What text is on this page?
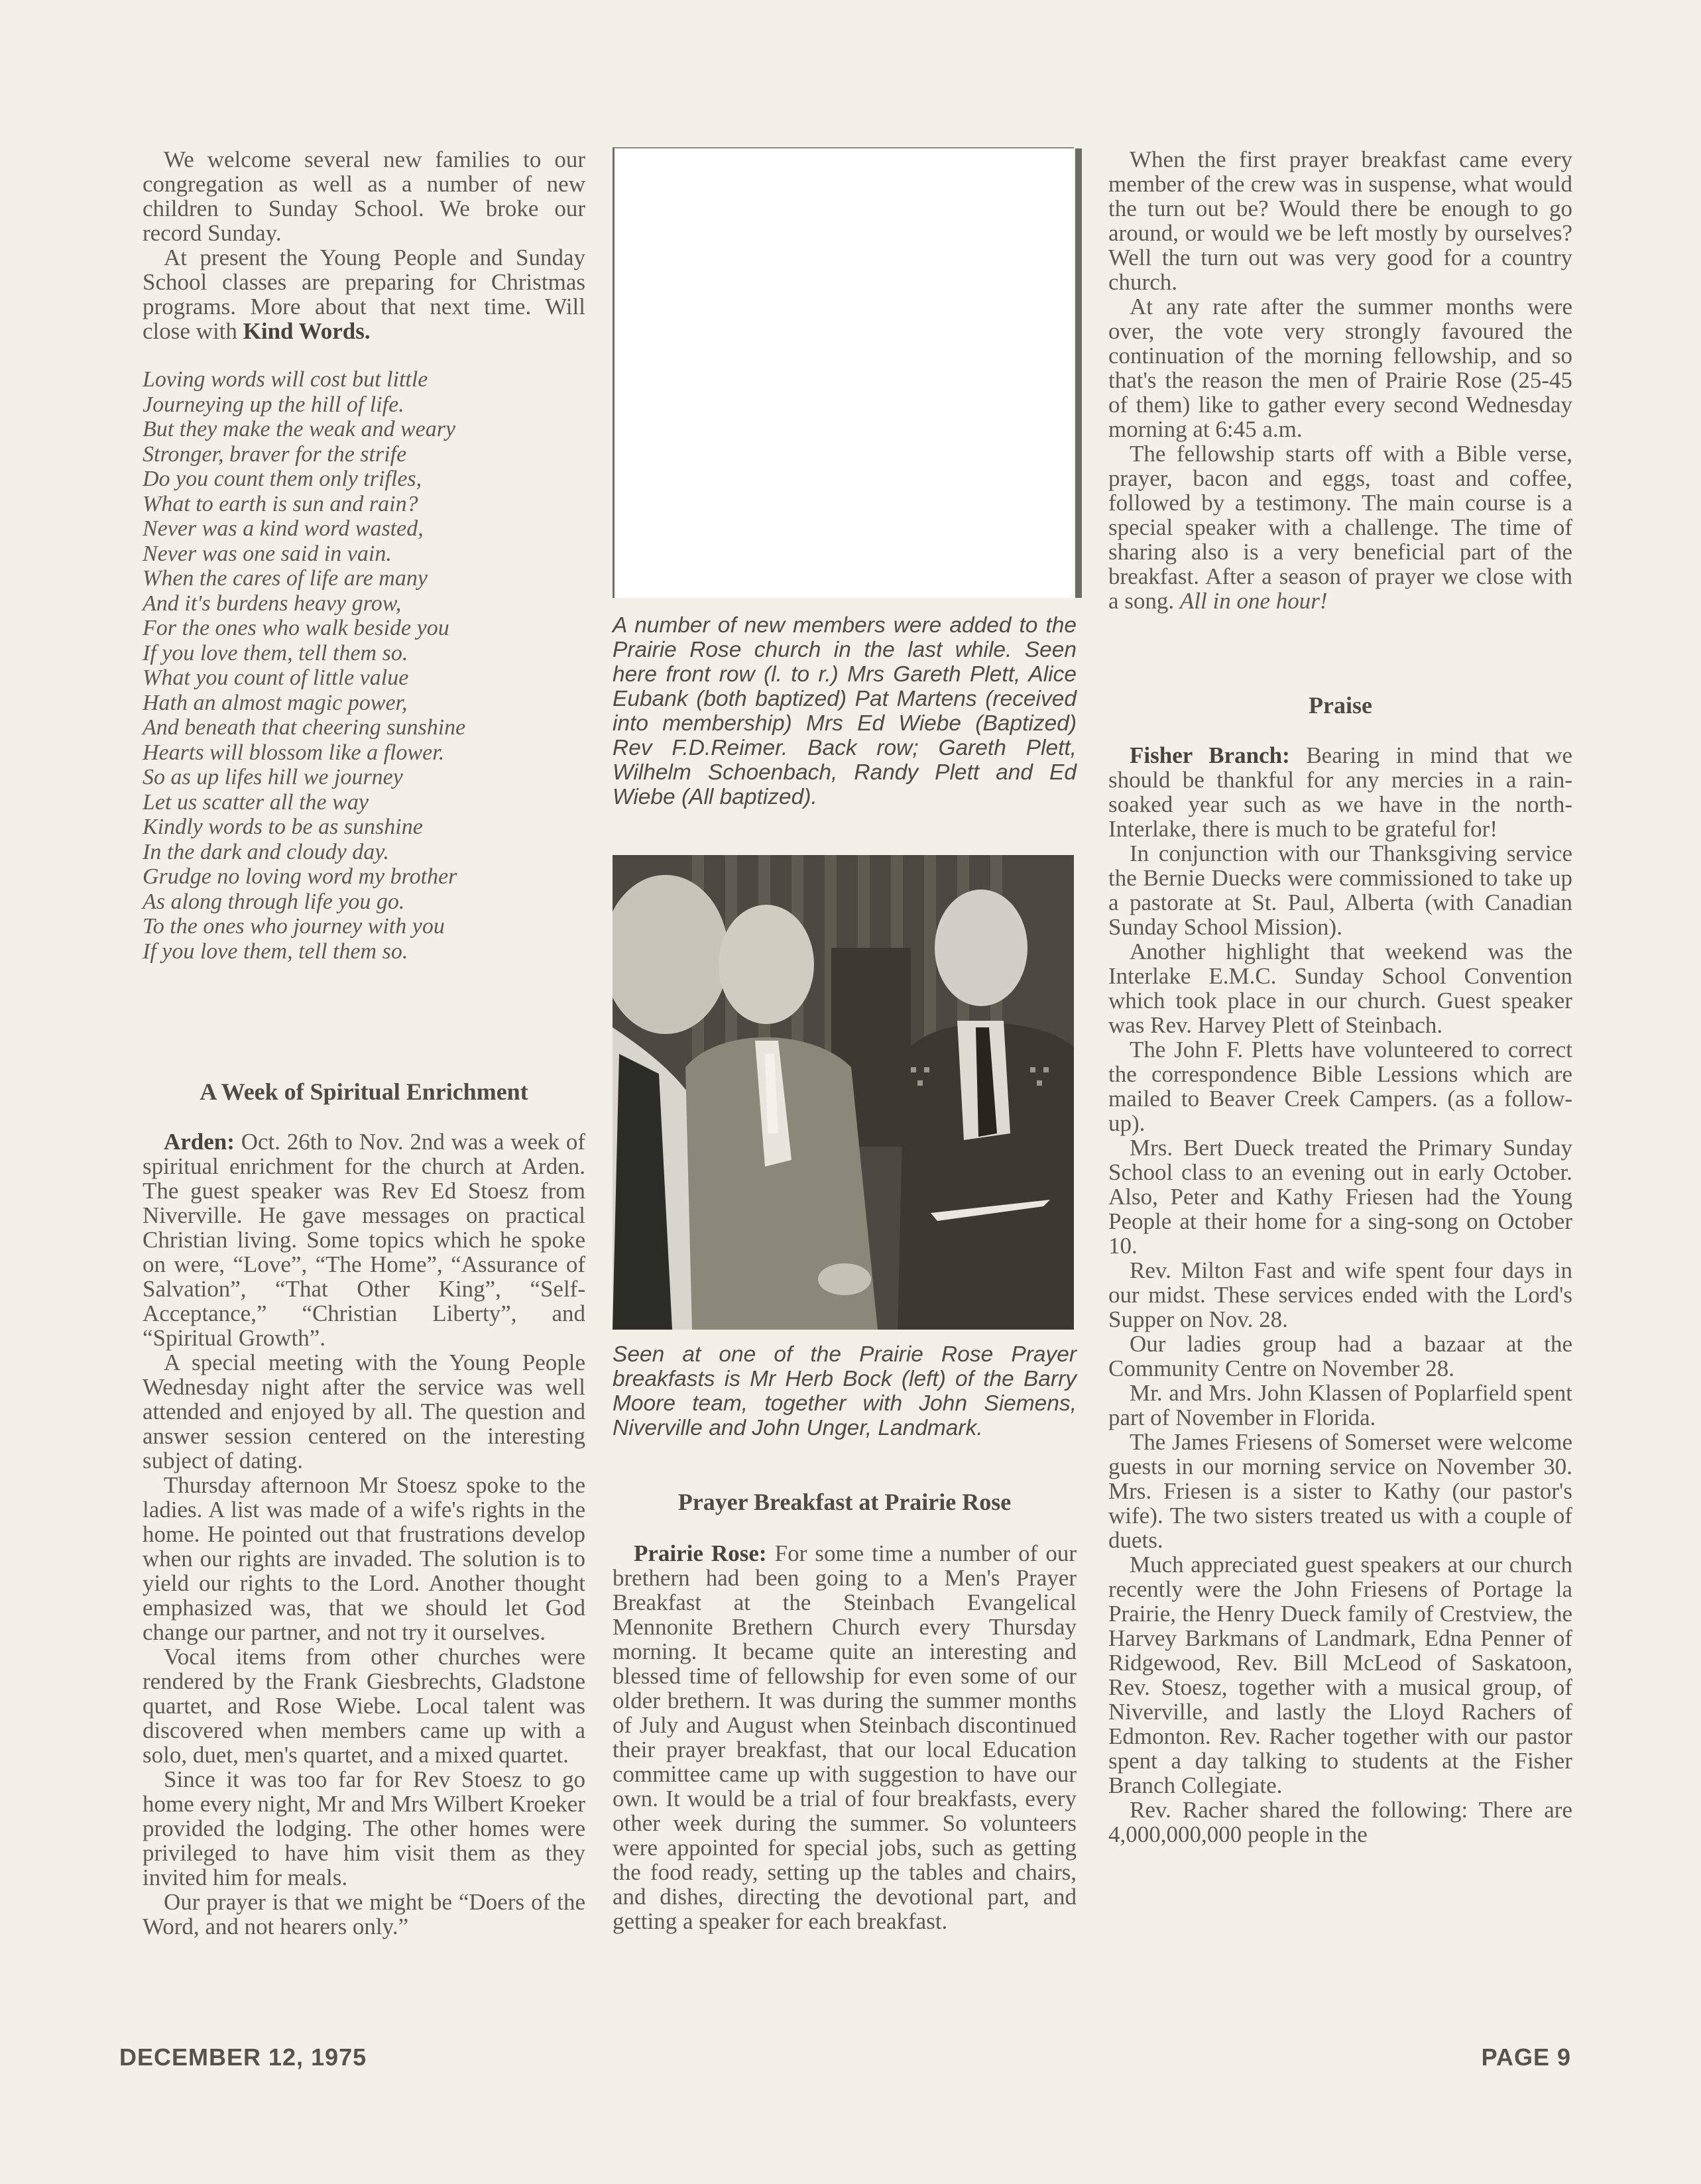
We welcome several new families to our congregation as well as a number of new children to Sunday School. We broke our record Sunday.

At present the Young People and Sunday School classes are preparing for Christmas programs. More about that next time. Will close with Kind Words.

Loving words will cost but little
Journeying up the hill of life.
But they make the weak and weary
Stronger, braver for the strife
Do you count them only trifles,
What to earth is sun and rain?
Never was a kind word wasted,
Never was one said in vain.
When the cares of life are many
And it's burdens heavy grow,
For the ones who walk beside you
If you love them, tell them so.
What you count of little value
Hath an almost magic power,
And beneath that cheering sunshine
Hearts will blossom like a flower.
So as up lifes hill we journey
Let us scatter all the way
Kindly words to be as sunshine
In the dark and cloudy day.
Grudge no loving word my brother
As along through life you go.
To the ones who journey with you
If you love them, tell them so.
A Week of Spiritual Enrichment

Arden: Oct. 26th to Nov. 2nd was a week of spiritual enrichment for the church at Arden. The guest speaker was Rev Ed Stoesz from Niverville. He gave messages on practical Christian living. Some topics which he spoke on were, “Love”, “The Home”, “Assurance of Salvation”, “That Other King”, “Self-Acceptance,” “Christian Liberty”, and “Spiritual Growth”.

A special meeting with the Young People Wednesday night after the service was well attended and enjoyed by all. The question and answer session centered on the interesting subject of dating.

Thursday afternoon Mr Stoesz spoke to the ladies. A list was made of a wife's rights in the home. He pointed out that frustrations develop when our rights are invaded. The solution is to yield our rights to the Lord. Another thought emphasized was, that we should let God change our partner, and not try it ourselves.

Vocal items from other churches were rendered by the Frank Giesbrechts, Gladstone quartet, and Rose Wiebe. Local talent was discovered when members came up with a solo, duet, men's quartet, and a mixed quartet.

Since it was too far for Rev Stoesz to go home every night, Mr and Mrs Wilbert Kroeker provided the lodging. The other homes were privileged to have him visit them as they invited him for meals.

Our prayer is that we might be “Doers of the Word, and not hearers only.”

A number of new members were added to the Prairie Rose church in the last while. Seen here front row (l. to r.) Mrs Gareth Plett, Alice Eubank (both baptized) Pat Martens (received into membership) Mrs Ed Wiebe (Baptized) Rev F.D.Reimer. Back row; Gareth Plett, Wilhelm Schoenbach, Randy Plett and Ed Wiebe (All baptized).
Seen at one of the Prairie Rose Prayer breakfasts is Mr Herb Bock (left) of the Barry Moore team, together with John Siemens, Niverville and John Unger, Landmark.
Prayer Breakfast at Prairie Rose

Prairie Rose: For some time a number of our brethern had been going to a Men's Prayer Breakfast at the Steinbach Evangelical Mennonite Brethern Church every Thursday morning. It became quite an interesting and blessed time of fellowship for even some of our older brethern. It was during the summer months of July and August when Steinbach discontinued their prayer breakfast, that our local Education committee came up with suggestion to have our own. It would be a trial of four breakfasts, every other week during the summer. So volunteers were appointed for special jobs, such as getting the food ready, setting up the tables and chairs, and dishes, directing the devotional part, and getting a speaker for each breakfast.

When the first prayer breakfast came every member of the crew was in suspense, what would the turn out be? Would there be enough to go around, or would we be left mostly by ourselves? Well the turn out was very good for a country church.

At any rate after the summer months were over, the vote very strongly favoured the continuation of the morning fellowship, and so that's the reason the men of Prairie Rose (25-45 of them) like to gather every second Wednesday morning at 6:45 a.m.

The fellowship starts off with a Bible verse, prayer, bacon and eggs, toast and coffee, followed by a testimony. The main course is a special speaker with a challenge. The time of sharing also is a very beneficial part of the breakfast. After a season of prayer we close with a song. All in one hour!

Praise

Fisher Branch: Bearing in mind that we should be thankful for any mercies in a rain-soaked year such as we have in the north-Interlake, there is much to be grateful for!

In conjunction with our Thanksgiving service the Bernie Duecks were commissioned to take up a pastorate at St. Paul, Alberta (with Canadian Sunday School Mission).

Another highlight that weekend was the Interlake E.M.C. Sunday School Convention which took place in our church. Guest speaker was Rev. Harvey Plett of Steinbach.

The John F. Pletts have volunteered to correct the correspondence Bible Lessions which are mailed to Beaver Creek Campers. (as a follow-up).

Mrs. Bert Dueck treated the Primary Sunday School class to an evening out in early October. Also, Peter and Kathy Friesen had the Young People at their home for a sing-song on October 10.

Rev. Milton Fast and wife spent four days in our midst. These services ended with the Lord's Supper on Nov. 28.

Our ladies group had a bazaar at the Community Centre on November 28.

Mr. and Mrs. John Klassen of Poplarfield spent part of November in Florida.

The James Friesens of Somerset were welcome guests in our morning service on November 30. Mrs. Friesen is a sister to Kathy (our pastor's wife). The two sisters treated us with a couple of duets.

Much appreciated guest speakers at our church recently were the John Friesens of Portage la Prairie, the Henry Dueck family of Crestview, the Harvey Barkmans of Landmark, Edna Penner of Ridgewood, Rev. Bill McLeod of Saskatoon, Rev. Stoesz, together with a musical group, of Niverville, and lastly the Lloyd Rachers of Edmonton. Rev. Racher together with our pastor spent a day talking to students at the Fisher Branch Collegiate.

Rev. Racher shared the following: There are 4,000,000,000 people in the

DECEMBER 12, 1975	PAGE 9
